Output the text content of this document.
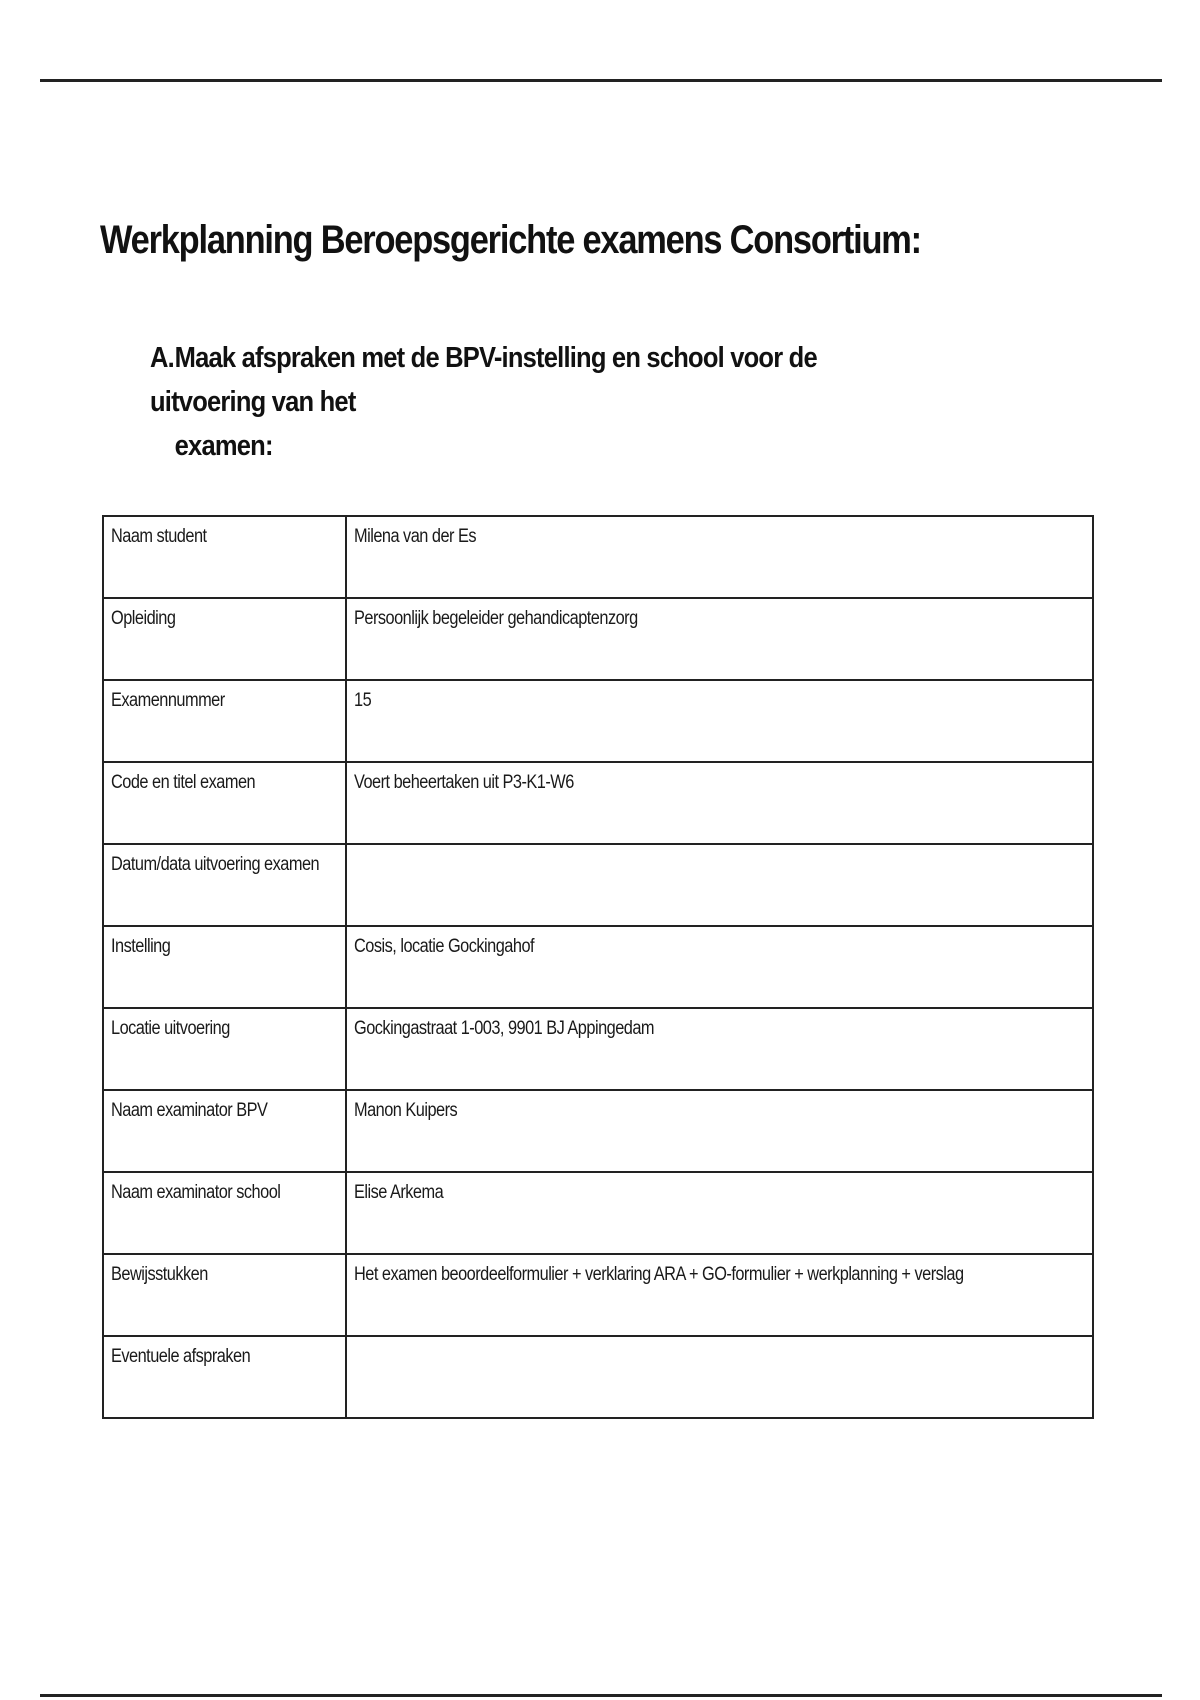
Werkplanning Beroepsgerichte examens Consortium:
A.Maak afspraken met de BPV-instelling en school voor de uitvoering van het
examen:
Naam student	Milena van der Es
Opleiding	Persoonlijk begeleider gehandicaptenzorg
Examennummer	15
Code en titel examen	Voert beheertaken uit P3-K1-W6
Datum/data uitvoering examen	
Instelling	Cosis, locatie Gockingahof
Locatie uitvoering	Gockingastraat 1-003, 9901 BJ Appingedam
Naam examinator BPV	Manon Kuipers
Naam examinator school	Elise Arkema
Bewijsstukken	Het examen beoordeelformulier + verklaring ARA + GO-formulier + werkplanning + verslag
Eventuele afspraken	
